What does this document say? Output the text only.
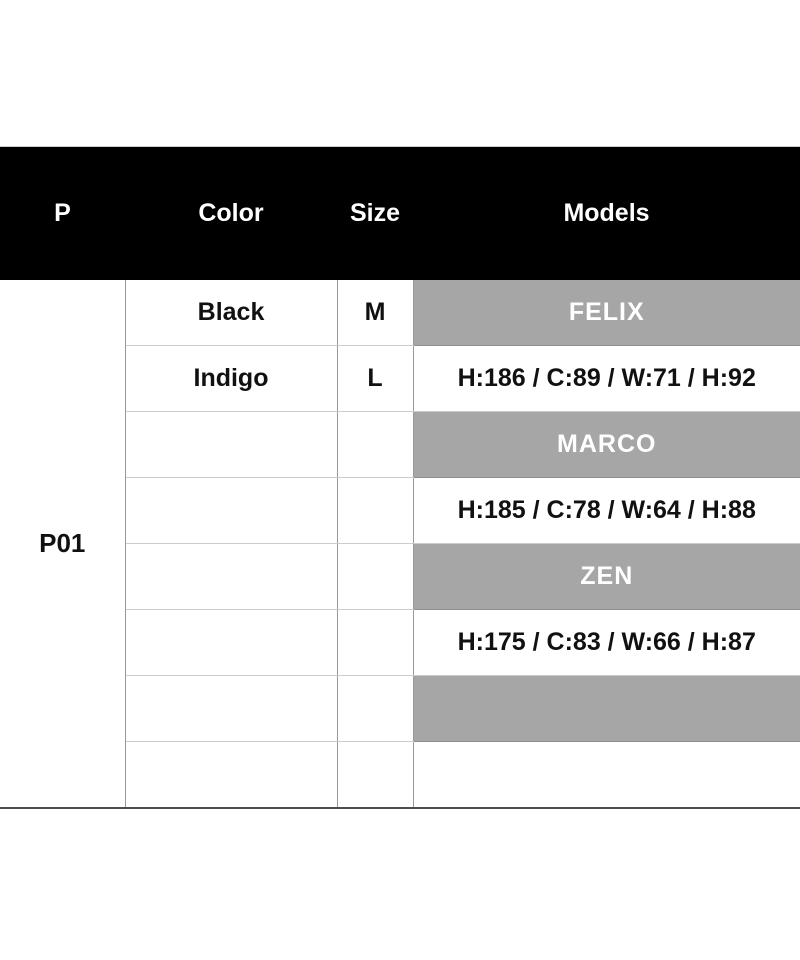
P	Color	Size	Models
P01	Black	M	FELIX
	Indigo	L	H:186 / C:89 / W:71 / H:92
			MARCO
			H:185 / C:78 / W:64 / H:88
			ZEN
			H:175 / C:83 / W:66 / H:87
